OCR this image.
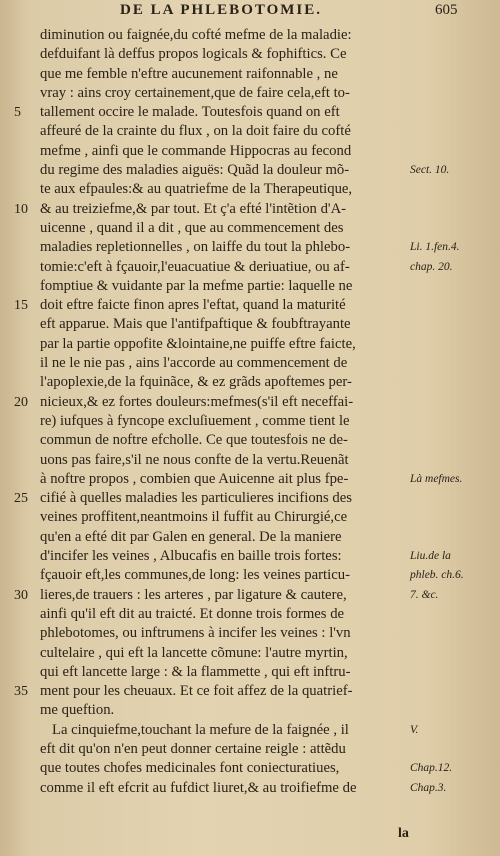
DE LA PHLEBOTOMIE.	605
5
10
15
20
25
30
35
diminution ou faignée,du cofté mefme de la maladie:
defduifant là deffus propos logicals & fophiftics. Ce
que me femble n'eftre aucunement raifonnable , ne
vray : ains croy certainement,que de faire cela,eft to-
tallement occire le malade. Toutesfois quand on eft
affeuré de la crainte du flux , on la doit faire du cofté
mefme , ainfi que le commande Hippocras au fecond
du regime des maladies aiguës: Quãd la douleur mõ-
te aux efpaules:& au quatriefme de la Therapeutique,
& au treiziefme,& par tout. Et ç'a efté l'intẽtion d'A-
uicenne , quand il a dit , que au commencement des
maladies repletionnelles , on laiffe du tout la phlebo-
tomie:c'eft à fçauoir,l'euacuatiue & deriuatiue, ou af-
fomptiue & vuidante par la mefme partie: laquelle ne
doit eftre faicte finon apres l'eftat, quand la maturité
eft apparue. Mais que l'antifpaftique & foubftrayante
par la partie oppofite &lointaine,ne puiffe eftre faicte,
il ne le nie pas , ains l'accorde au commencement de
l'apoplexie,de la fquinãce, & ez grãds apoftemes per-
nicieux,& ez fortes douleurs:mefmes(s'il eft neceffai-
re) iufques à fyncope excluſiuement , comme tient le
commun de noftre efcholle. Ce que toutesfois ne de-
uons pas faire,s'il ne nous confte de la vertu.Reuenãt
à noftre propos , combien que Auicenne ait plus fpe-
cifié à quelles maladies les particulieres incifions des
veines proffitent,neantmoins il fuffit au Chirurgié,ce
qu'en a efté dit par Galen en general. De la maniere
d'incifer les veines , Albucafis en baille trois fortes:
fçauoir eft,les communes,de long: les veines particu-
lieres,de trauers : les arteres , par ligature & cautere,
ainfi qu'il eft dit au traicté. Et donne trois formes de
phlebotomes, ou inftrumens à incifer les veines : l'vn
cultelaire , qui eft la lancette cõmune: l'autre myrtin,
qui eft lancette large : & la flammette , qui eft inftru-
ment pour les cheuaux. Et ce foit affez de la quatrief-
me queftion.
La cinquiefme,touchant la mefure de la faignée , il
eft dit qu'on n'en peut donner certaine reigle : attẽdu
que toutes chofes medicinales font coniecturatiues,
comme il eft efcrit au fufdict liuret,& au troifiefme de
Sect. 10.
Li. 1.fen.4.
chap. 20.
Là mefmes.
Liu.de la
phleb. ch.6.
7. &c.
V.
Chap.12.
Chap.3.
la
